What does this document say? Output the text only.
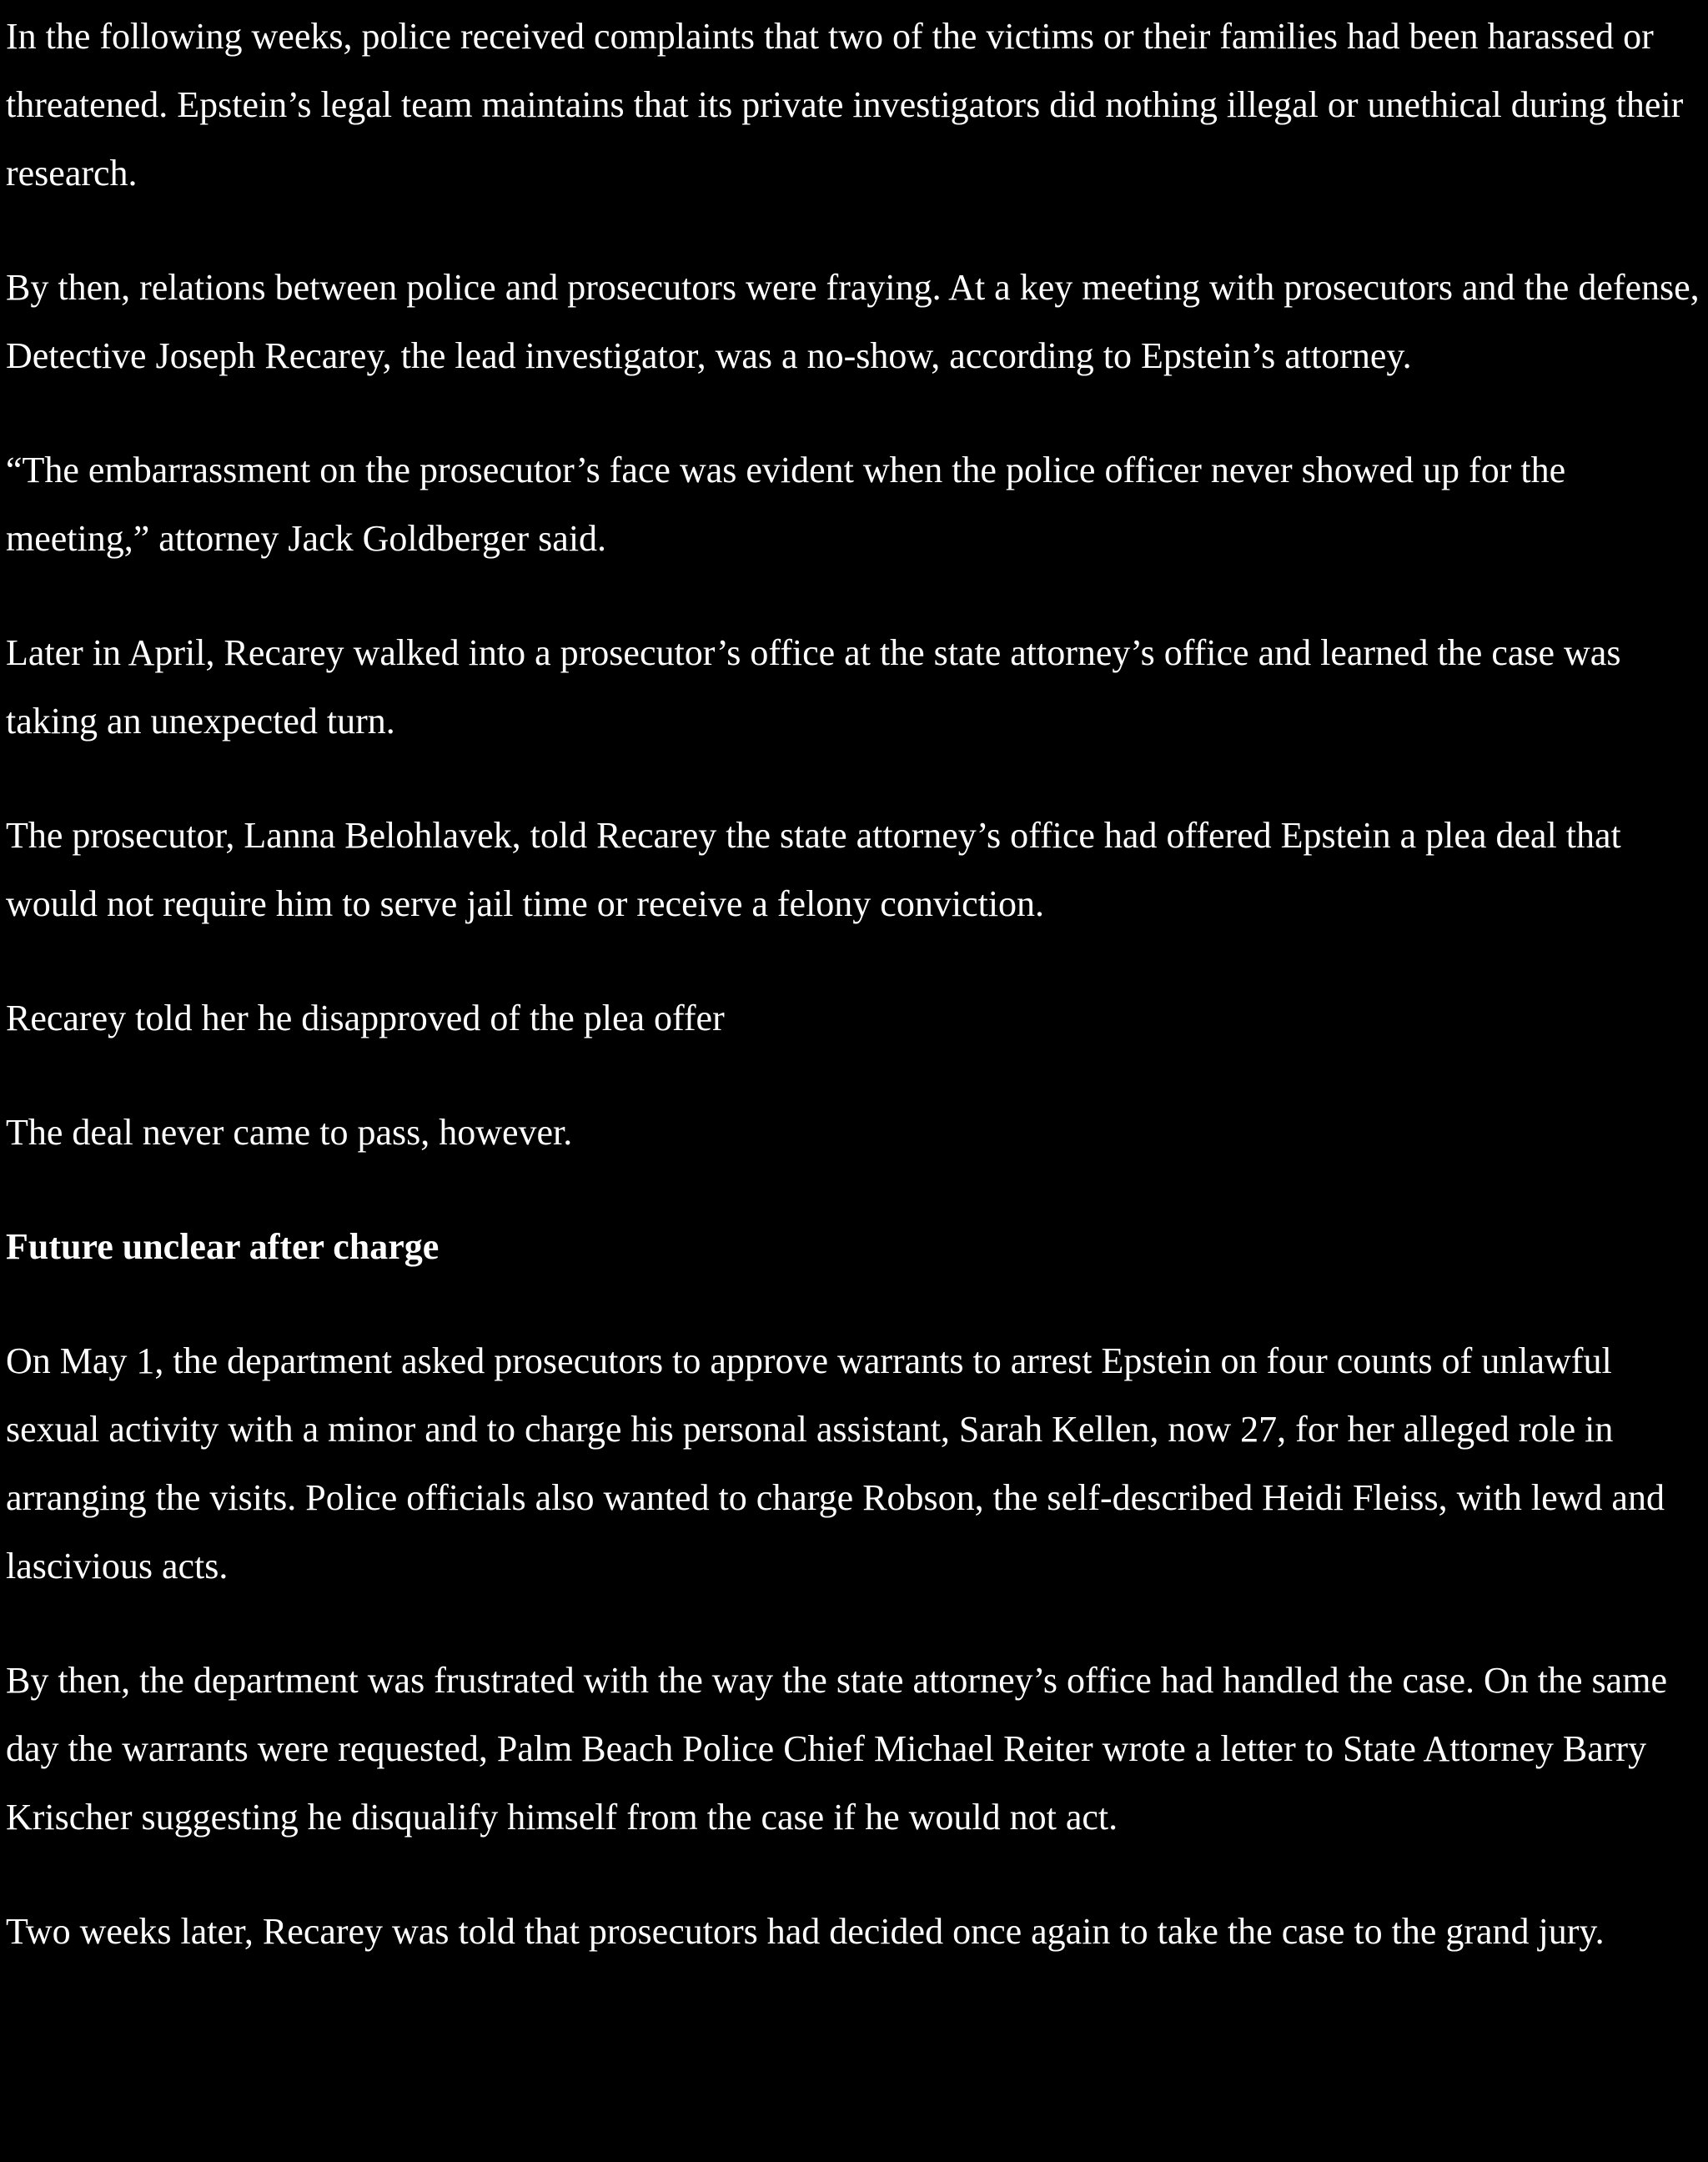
In the following weeks, police received complaints that two of the victims or their families had been harassed or threatened. Epstein’s legal team maintains that its private investigators did nothing illegal or unethical during their research.

By then, relations between police and prosecutors were fraying. At a key meeting with prosecutors and the defense, Detective Joseph Recarey, the lead investigator, was a no-show, according to Epstein’s attorney.

“The embarrassment on the prosecutor’s face was evident when the police officer never showed up for the meeting,” attorney Jack Goldberger said.

Later in April, Recarey walked into a prosecutor’s office at the state attorney’s office and learned the case was taking an unexpected turn.

The prosecutor, Lanna Belohlavek, told Recarey the state attorney’s office had offered Epstein a plea deal that would not require him to serve jail time or receive a felony conviction.

Recarey told her he disapproved of the plea offer

The deal never came to pass, however.

Future unclear after charge

On May 1, the department asked prosecutors to approve warrants to arrest Epstein on four counts of unlawful sexual activity with a minor and to charge his personal assistant, Sarah Kellen, now 27, for her alleged role in arranging the visits. Police officials also wanted to charge Robson, the self-described Heidi Fleiss, with lewd and lascivious acts.

By then, the department was frustrated with the way the state attorney’s office had handled the case. On the same day the warrants were requested, Palm Beach Police Chief Michael Reiter wrote a letter to State Attorney Barry Krischer suggesting he disqualify himself from the case if he would not act.

Two weeks later, Recarey was told that prosecutors had decided once again to take the case to the grand jury.
